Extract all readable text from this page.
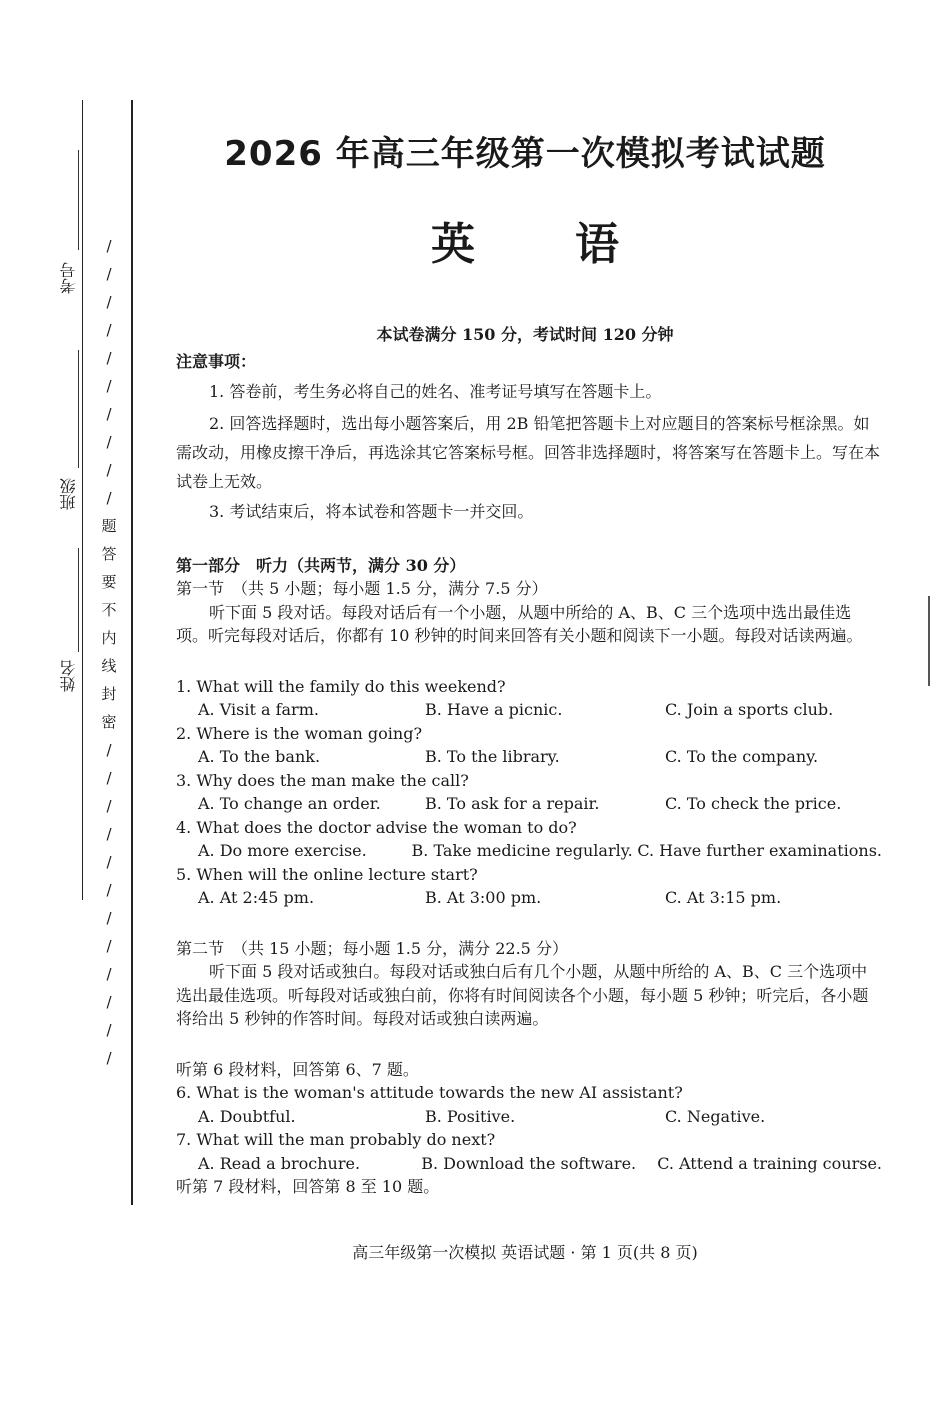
考号
班级
姓名
/
/
/
/
/
/
/
/
/
/
题
答
要
不
内
线
封
密
/
/
/
/
/
/
/
/
/
/
/
/
2026 年高三年级第一次模拟考试试题
英语
本试卷满分 150 分，考试时间 120 分钟

注意事项：

1. 答卷前，考生务必将自己的姓名、准考证号填写在答题卡上。

2. 回答选择题时，选出每小题答案后，用 2B 铅笔把答题卡上对应题目的答案标号框涂黑。如需改动，用橡皮擦干净后，再选涂其它答案标号框。回答非选择题时，将答案写在答题卡上。写在本试卷上无效。

3. 考试结束后，将本试卷和答题卡一并交回。

第一部分　听力（共两节，满分 30 分）

第一节　（共 5 小题；每小题 1.5 分，满分 7.5 分）

听下面 5 段对话。每段对话后有一个小题，从题中所给的 A、B、C 三个选项中选出最佳选项。听完每段对话后，你都有 10 秒钟的时间来回答有关小题和阅读下一小题。每段对话读两遍。

1. What will the family do this weekend?

A. Visit a farm.	B. Have a picnic.	C. Join a sports club.

2. Where is the woman going?

A. To the bank.	B. To the library.	C. To the company.

3. Why does the man make the call?

A. To change an order.	B. To ask for a repair.	C. To check the price.

4. What does the doctor advise the woman to do?

A. Do more exercise.	B. Take medicine regularly. C. Have further examinations.

5. When will the online lecture start?

A. At 2:45 pm.	B. At 3:00 pm.	C. At 3:15 pm.

第二节　（共 15 小题；每小题 1.5 分，满分 22.5 分）

听下面 5 段对话或独白。每段对话或独白后有几个小题，从题中所给的 A、B、C 三个选项中选出最佳选项。听每段对话或独白前，你将有时间阅读各个小题，每小题 5 秒钟；听完后，各小题将给出 5 秒钟的作答时间。每段对话或独白读两遍。

听第 6 段材料，回答第 6、7 题。

6. What is the woman's attitude towards the new AI assistant?

A. Doubtful.	B. Positive.	C. Negative.

7. What will the man probably do next?

A. Read a brochure.	B. Download the software.	C. Attend a training course.

听第 7 段材料，回答第 8 至 10 题。

高三年级第一次模拟 英语试题 · 第 1 页(共 8 页)
